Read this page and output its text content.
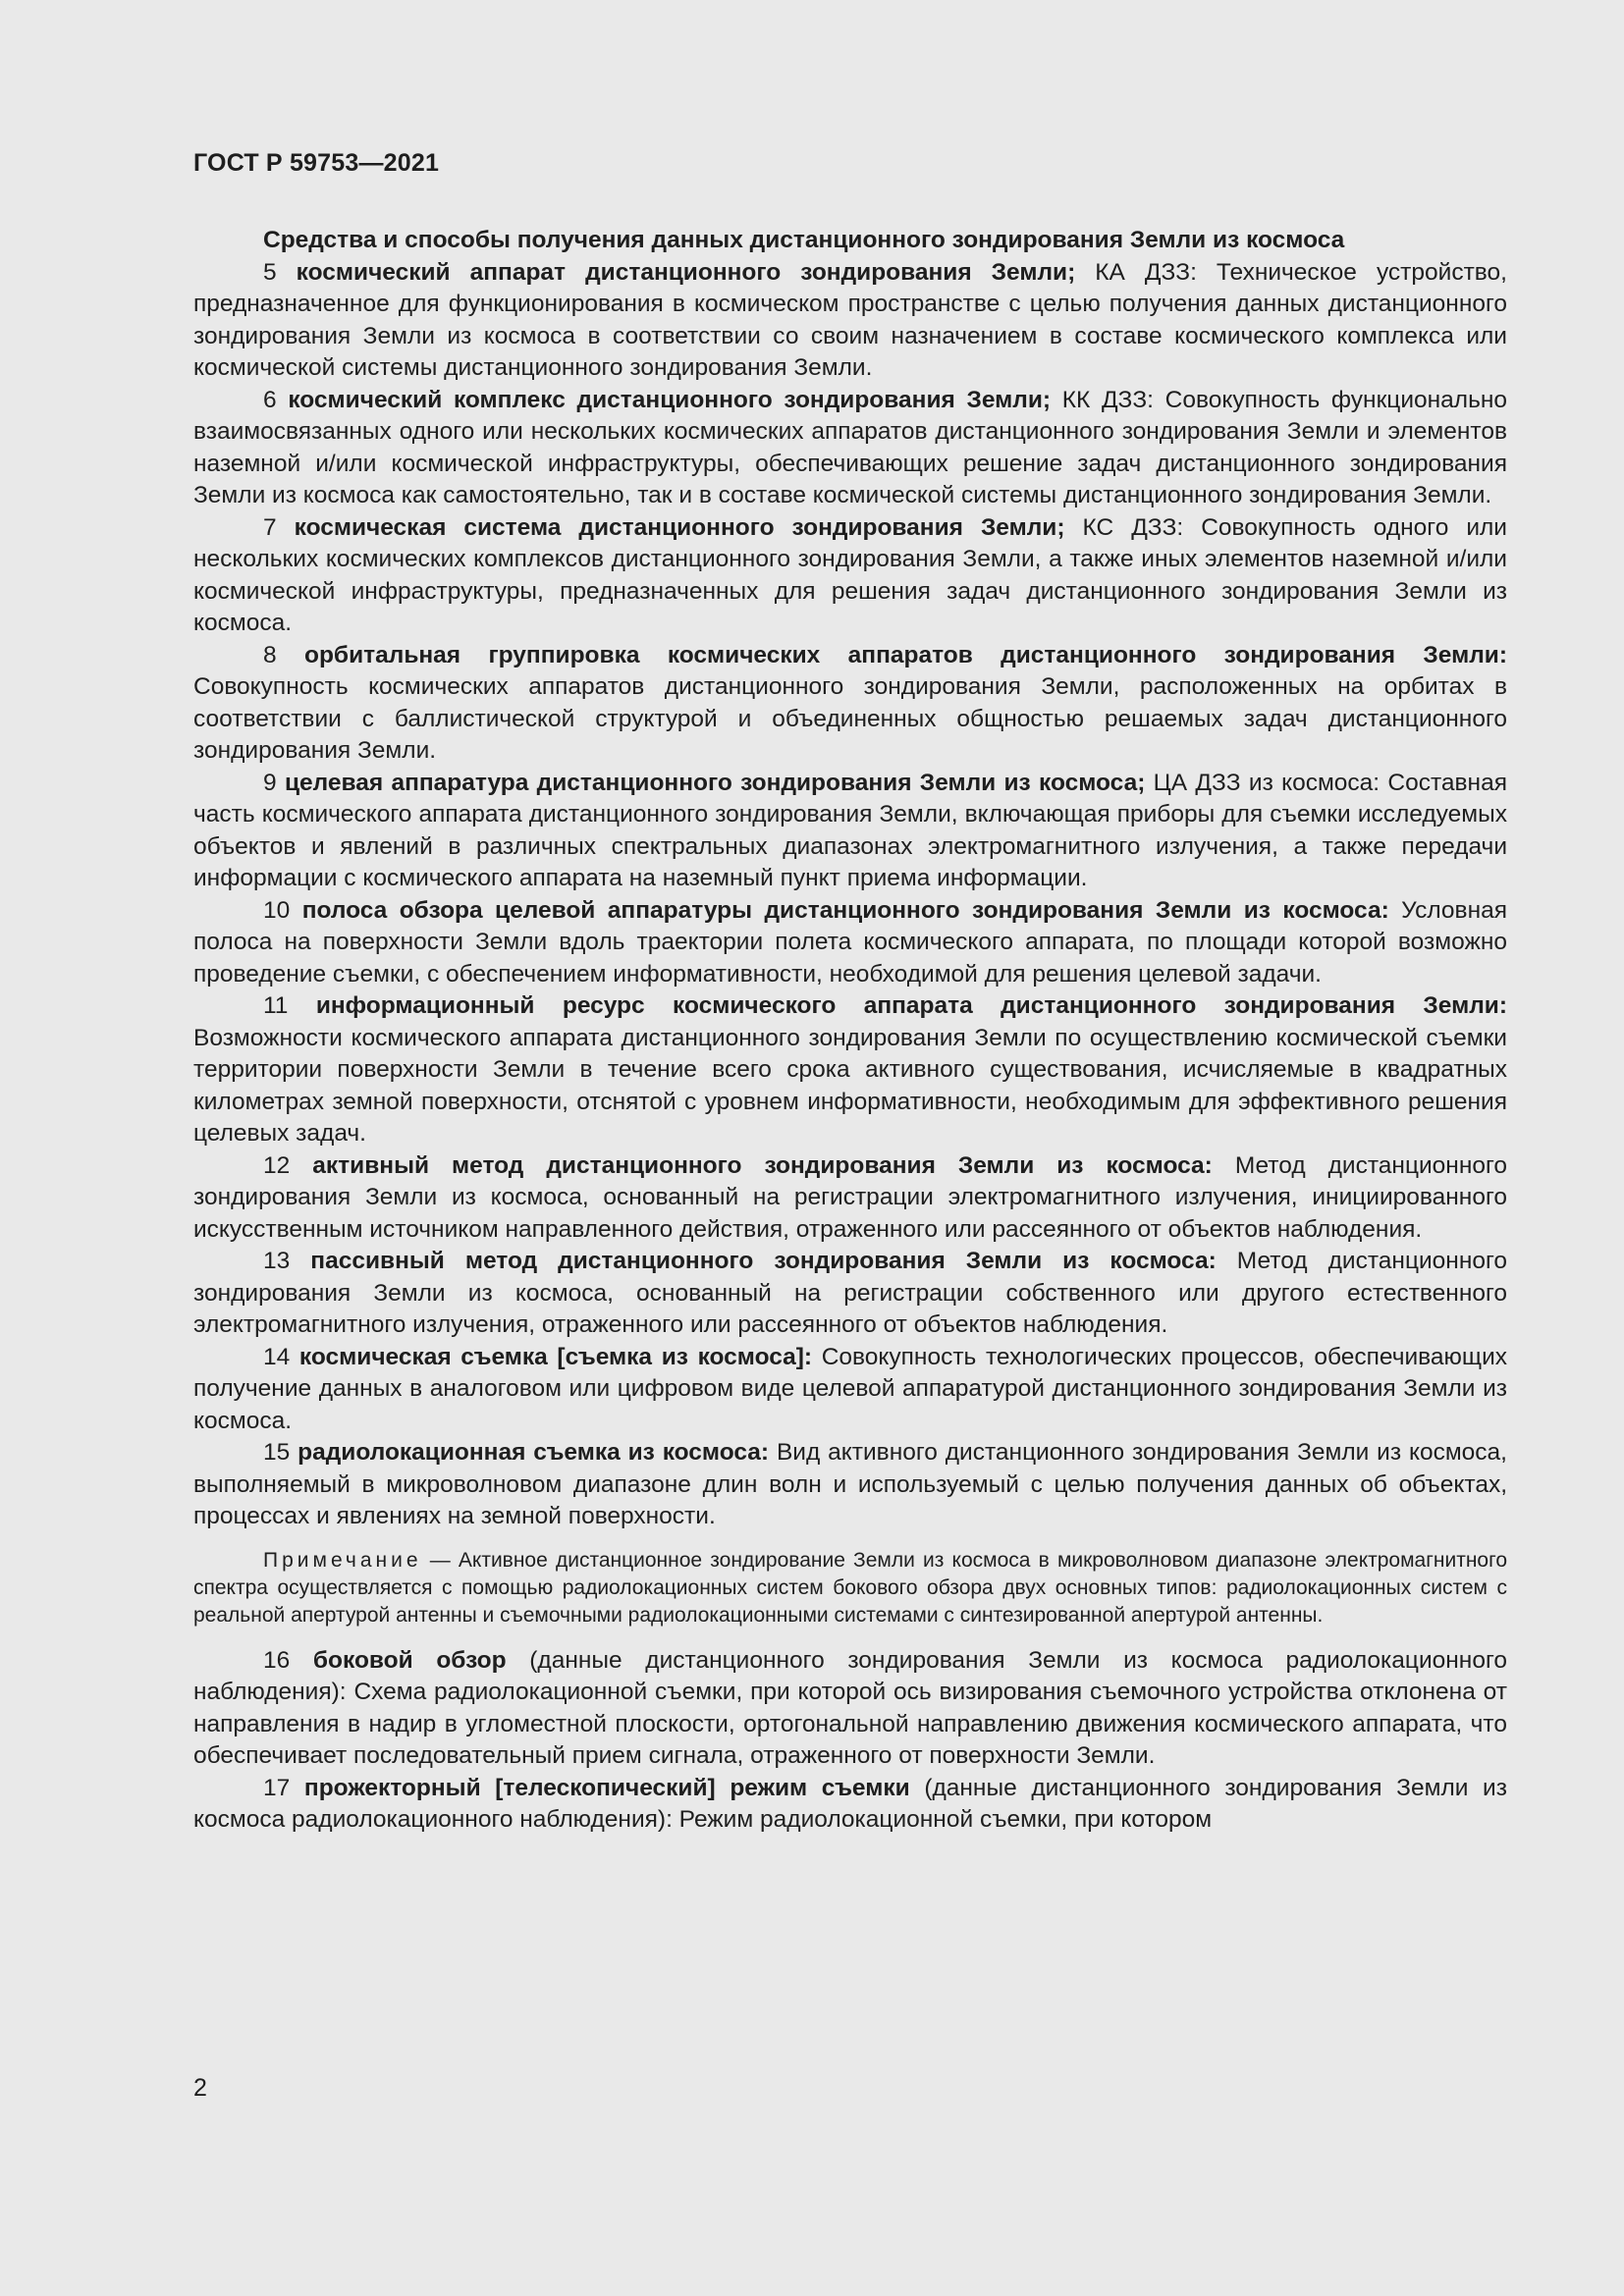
ГОСТ Р 59753—2021

Средства и способы получения данных дистанционного зондирования Земли из космоса

5 космический аппарат дистанционного зондирования Земли; КА ДЗЗ: Техническое устройство, предназначенное для функционирования в космическом пространстве с целью получения данных дистанционного зондирования Земли из космоса в соответствии со своим назначением в составе космического комплекса или космической системы дистанционного зондирования Земли.

6 космический комплекс дистанционного зондирования Земли; КК ДЗЗ: Совокупность функционально взаимосвязанных одного или нескольких космических аппаратов дистанционного зондирования Земли и элементов наземной и/или космической инфраструктуры, обеспечивающих решение задач дистанционного зондирования Земли из космоса как самостоятельно, так и в составе космической системы дистанционного зондирования Земли.

7 космическая система дистанционного зондирования Земли; КС ДЗЗ: Совокупность одного или нескольких космических комплексов дистанционного зондирования Земли, а также иных элементов наземной и/или космической инфраструктуры, предназначенных для решения задач дистанционного зондирования Земли из космоса.

8 орбитальная группировка космических аппаратов дистанционного зондирования Земли: Совокупность космических аппаратов дистанционного зондирования Земли, расположенных на орбитах в соответствии с баллистической структурой и объединенных общностью решаемых задач дистанционного зондирования Земли.

9 целевая аппаратура дистанционного зондирования Земли из космоса; ЦА ДЗЗ из космоса: Составная часть космического аппарата дистанционного зондирования Земли, включающая приборы для съемки исследуемых объектов и явлений в различных спектральных диапазонах электромагнитного излучения, а также передачи информации с космического аппарата на наземный пункт приема информации.

10 полоса обзора целевой аппаратуры дистанционного зондирования Земли из космоса: Условная полоса на поверхности Земли вдоль траектории полета космического аппарата, по площади которой возможно проведение съемки, с обеспечением информативности, необходимой для решения целевой задачи.

11 информационный ресурс космического аппарата дистанционного зондирования Земли: Возможности космического аппарата дистанционного зондирования Земли по осуществлению космической съемки территории поверхности Земли в течение всего срока активного существования, исчисляемые в квадратных километрах земной поверхности, отснятой с уровнем информативности, необходимым для эффективного решения целевых задач.

12 активный метод дистанционного зондирования Земли из космоса: Метод дистанционного зондирования Земли из космоса, основанный на регистрации электромагнитного излучения, инициированного искусственным источником направленного действия, отраженного или рассеянного от объектов наблюдения.

13 пассивный метод дистанционного зондирования Земли из космоса: Метод дистанционного зондирования Земли из космоса, основанный на регистрации собственного или другого естественного электромагнитного излучения, отраженного или рассеянного от объектов наблюдения.

14 космическая съемка [съемка из космоса]: Совокупность технологических процессов, обеспечивающих получение данных в аналоговом или цифровом виде целевой аппаратурой дистанционного зондирования Земли из космоса.

15 радиолокационная съемка из космоса: Вид активного дистанционного зондирования Земли из космоса, выполняемый в микроволновом диапазоне длин волн и используемый с целью получения данных об объектах, процессах и явлениях на земной поверхности.

Примечание — Активное дистанционное зондирование Земли из космоса в микроволновом диапазоне электромагнитного спектра осуществляется с помощью радиолокационных систем бокового обзора двух основных типов: радиолокационных систем с реальной апертурой антенны и съемочными радиолокационными системами с синтезированной апертурой антенны.

16 боковой обзор (данные дистанционного зондирования Земли из космоса радиолокационного наблюдения): Схема радиолокационной съемки, при которой ось визирования съемочного устройства отклонена от направления в надир в угломестной плоскости, ортогональной направлению движения космического аппарата, что обеспечивает последовательный прием сигнала, отраженного от поверхности Земли.

17 прожекторный [телескопический] режим съемки (данные дистанционного зондирования Земли из космоса радиолокационного наблюдения): Режим радиолокационной съемки, при котором

2
